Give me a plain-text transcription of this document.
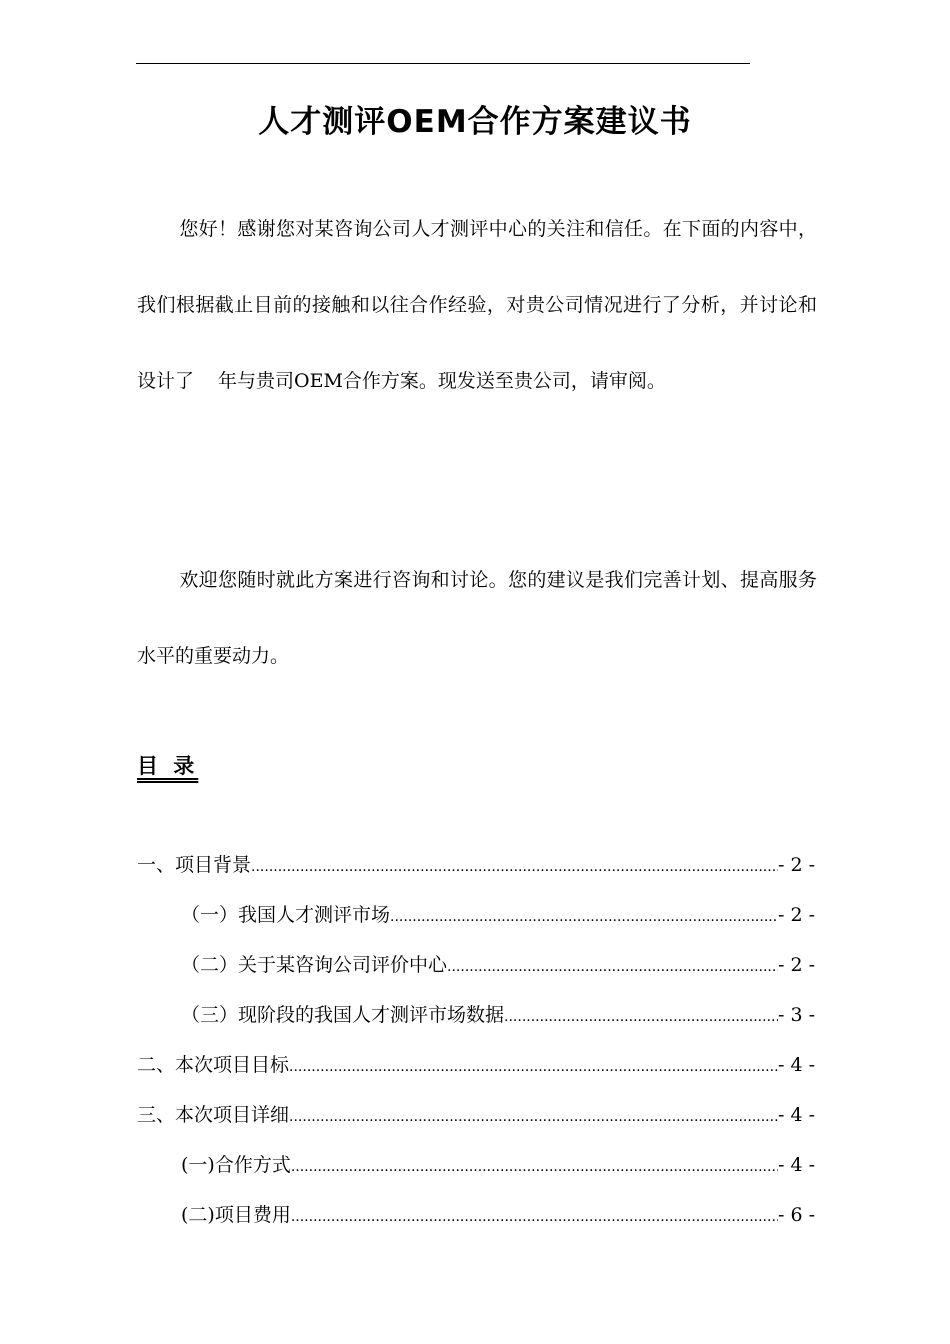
人才测评OEM合作方案建议书

您好！感谢您对某咨询公司人才测评中心的关注和信任。在下面的内容中，我们根据截止目前的接触和以往合作经验，对贵公司情况进行了分析，并讨论和设计了 年与贵司OEM合作方案。现发送至贵公司，请审阅。

欢迎您随时就此方案进行咨询和讨论。您的建议是我们完善计划、提高服务水平的重要动力。

目 录
一、项目背景 .....	- 2 -
（一）我国人才测评市场 .....	- 2 -
（二）关于某咨询公司评价中心 .....	- 2 -
（三）现阶段的我国人才测评市场数据 .....	- 3 -
二、本次项目目标 .....	- 4 -
三、本次项目详细 .....	- 4 -
(一)合作方式 .....	- 4 -
(二)项目费用 .....	- 6 -
